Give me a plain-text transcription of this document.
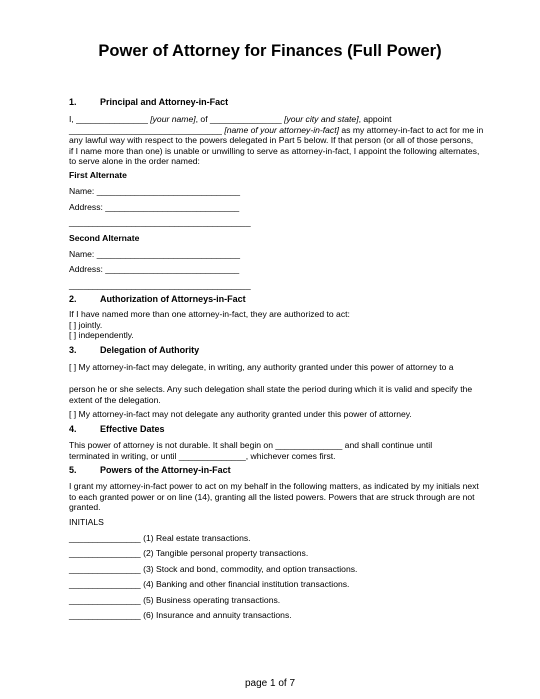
Power of Attorney for Finances (Full Power)
1.	Principal and Attorney-in-Fact
I, _______________ [your name], of _______________ [your city and state], appoint
________________________________ [name of your attorney-in-fact] as my attorney-in-fact to act for me in
any lawful way with respect to the powers delegated in Part 5 below. If that person (or all of those persons,
if I name more than one) is unable or unwilling to serve as attorney-in-fact, I appoint the following alternates,
to serve alone in the order named:
First Alternate
Name: ______________________________
Address: ____________________________
______________________________________
Second Alternate
Name: ______________________________
Address: ____________________________
______________________________________
2.	Authorization of Attorneys-in-Fact
If I have named more than one attorney-in-fact, they are authorized to act:
[ ] jointly.
[ ] independently.
3.	Delegation of Authority
[ ] My attorney-in-fact may delegate, in writing, any authority granted under this power of attorney to a
person he or she selects. Any such delegation shall state the period during which it is valid and specify the
extent of the delegation.
[ ] My attorney-in-fact may not delegate any authority granted under this power of attorney.
4.	Effective Dates
This power of attorney is not durable. It shall begin on ______________ and shall continue until
terminated in writing, or until ______________, whichever comes first.
5.	Powers of the Attorney-in-Fact
I grant my attorney-in-fact power to act on my behalf in the following matters, as indicated by my initials next
to each granted power or on line (14), granting all the listed powers. Powers that are struck through are not
granted.
INITIALS
_______________ (1) Real estate transactions.
_______________ (2) Tangible personal property transactions.
_______________ (3) Stock and bond, commodity, and option transactions.
_______________ (4) Banking and other financial institution transactions.
_______________ (5) Business operating transactions.
_______________ (6) Insurance and annuity transactions.
page 1 of 7
